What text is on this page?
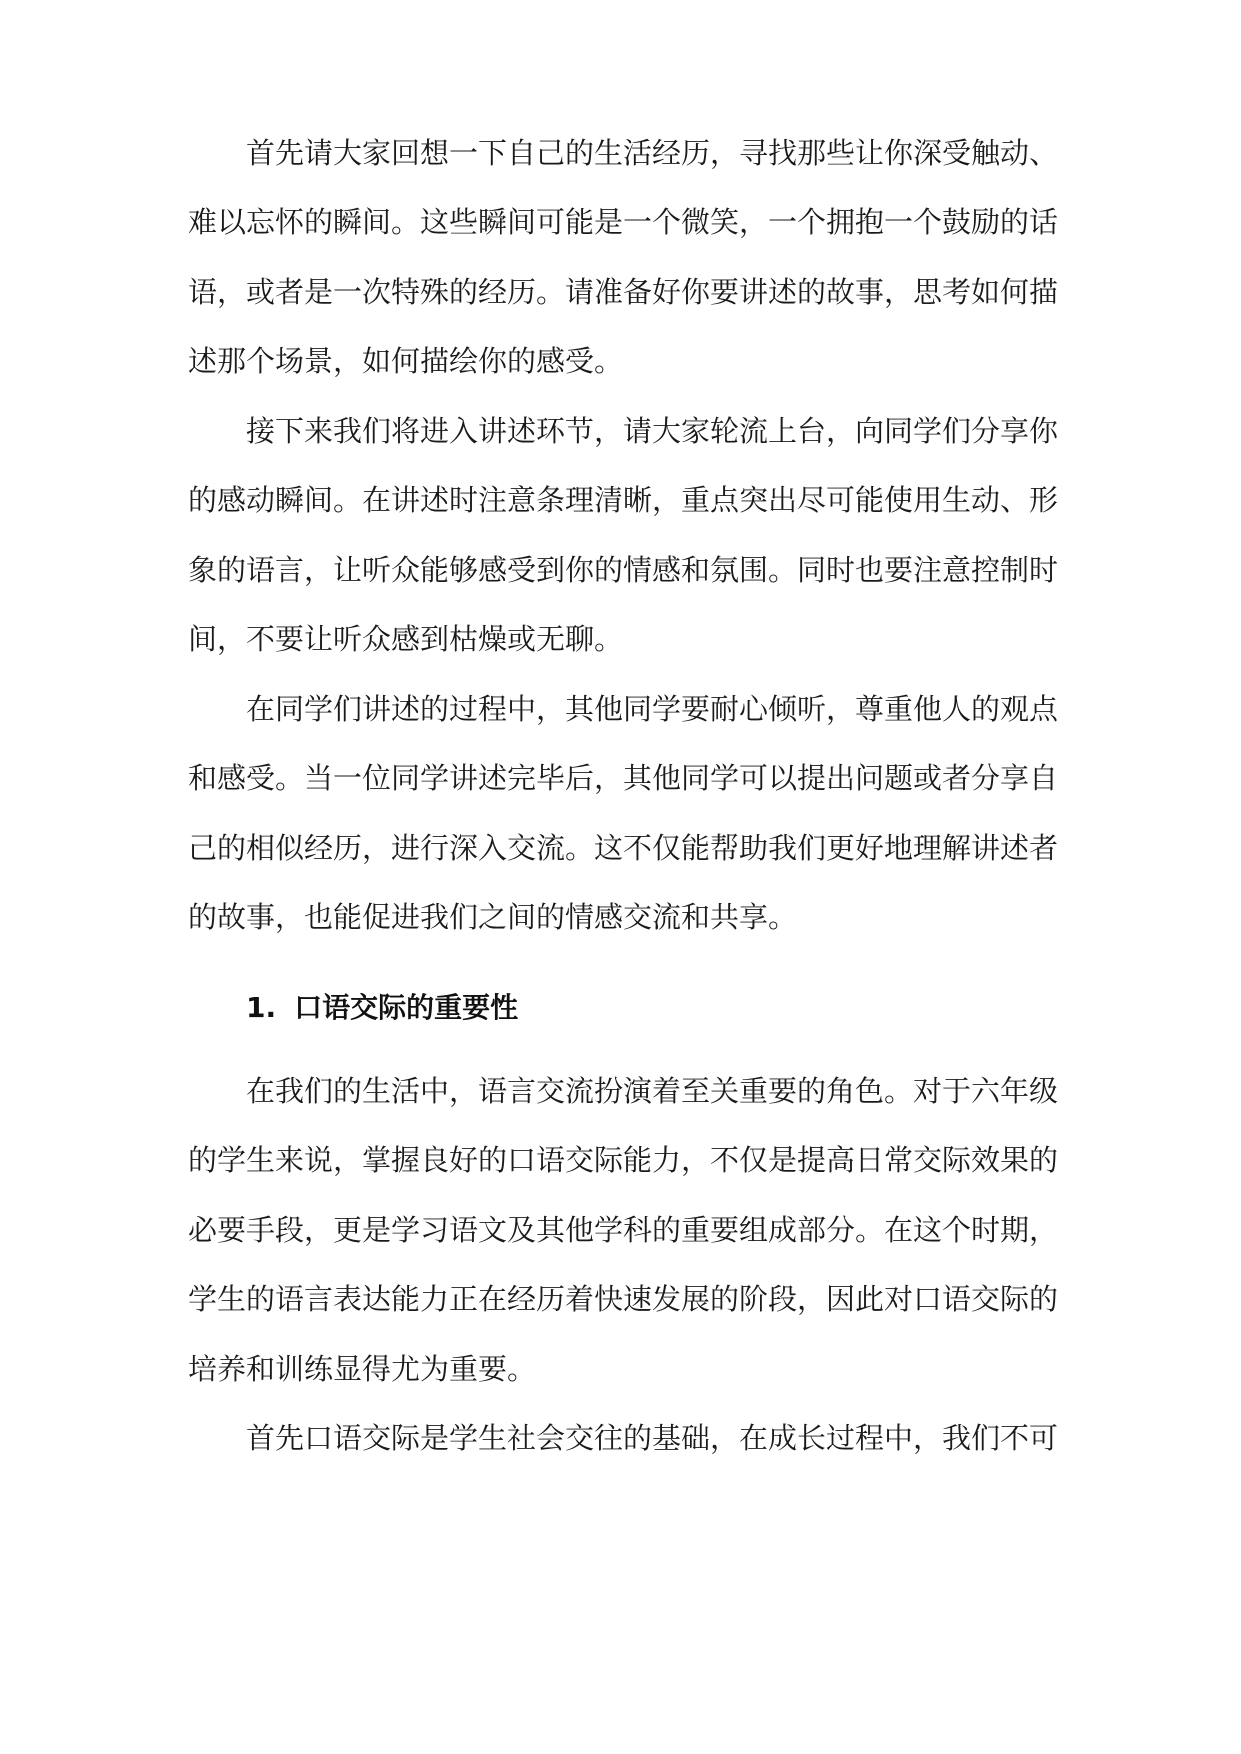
首先请大家回想一下自己的生活经历，寻找那些让你深受触动、

难以忘怀的瞬间。这些瞬间可能是一个微笑，一个拥抱一个鼓励的话

语，或者是一次特殊的经历。请准备好你要讲述的故事，思考如何描

述那个场景，如何描绘你的感受。

接下来我们将进入讲述环节，请大家轮流上台，向同学们分享你

的感动瞬间。在讲述时注意条理清晰，重点突出尽可能使用生动、形

象的语言，让听众能够感受到你的情感和氛围。同时也要注意控制时

间，不要让听众感到枯燥或无聊。

在同学们讲述的过程中，其他同学要耐心倾听，尊重他人的观点

和感受。当一位同学讲述完毕后，其他同学可以提出问题或者分享自

己的相似经历，进行深入交流。这不仅能帮助我们更好地理解讲述者

的故事，也能促进我们之间的情感交流和共享。

1. 口语交际的重要性

在我们的生活中，语言交流扮演着至关重要的角色。对于六年级

的学生来说，掌握良好的口语交际能力，不仅是提高日常交际效果的

必要手段，更是学习语文及其他学科的重要组成部分。在这个时期，

学生的语言表达能力正在经历着快速发展的阶段，因此对口语交际的

培养和训练显得尤为重要。

首先口语交际是学生社会交往的基础，在成长过程中，我们不可
